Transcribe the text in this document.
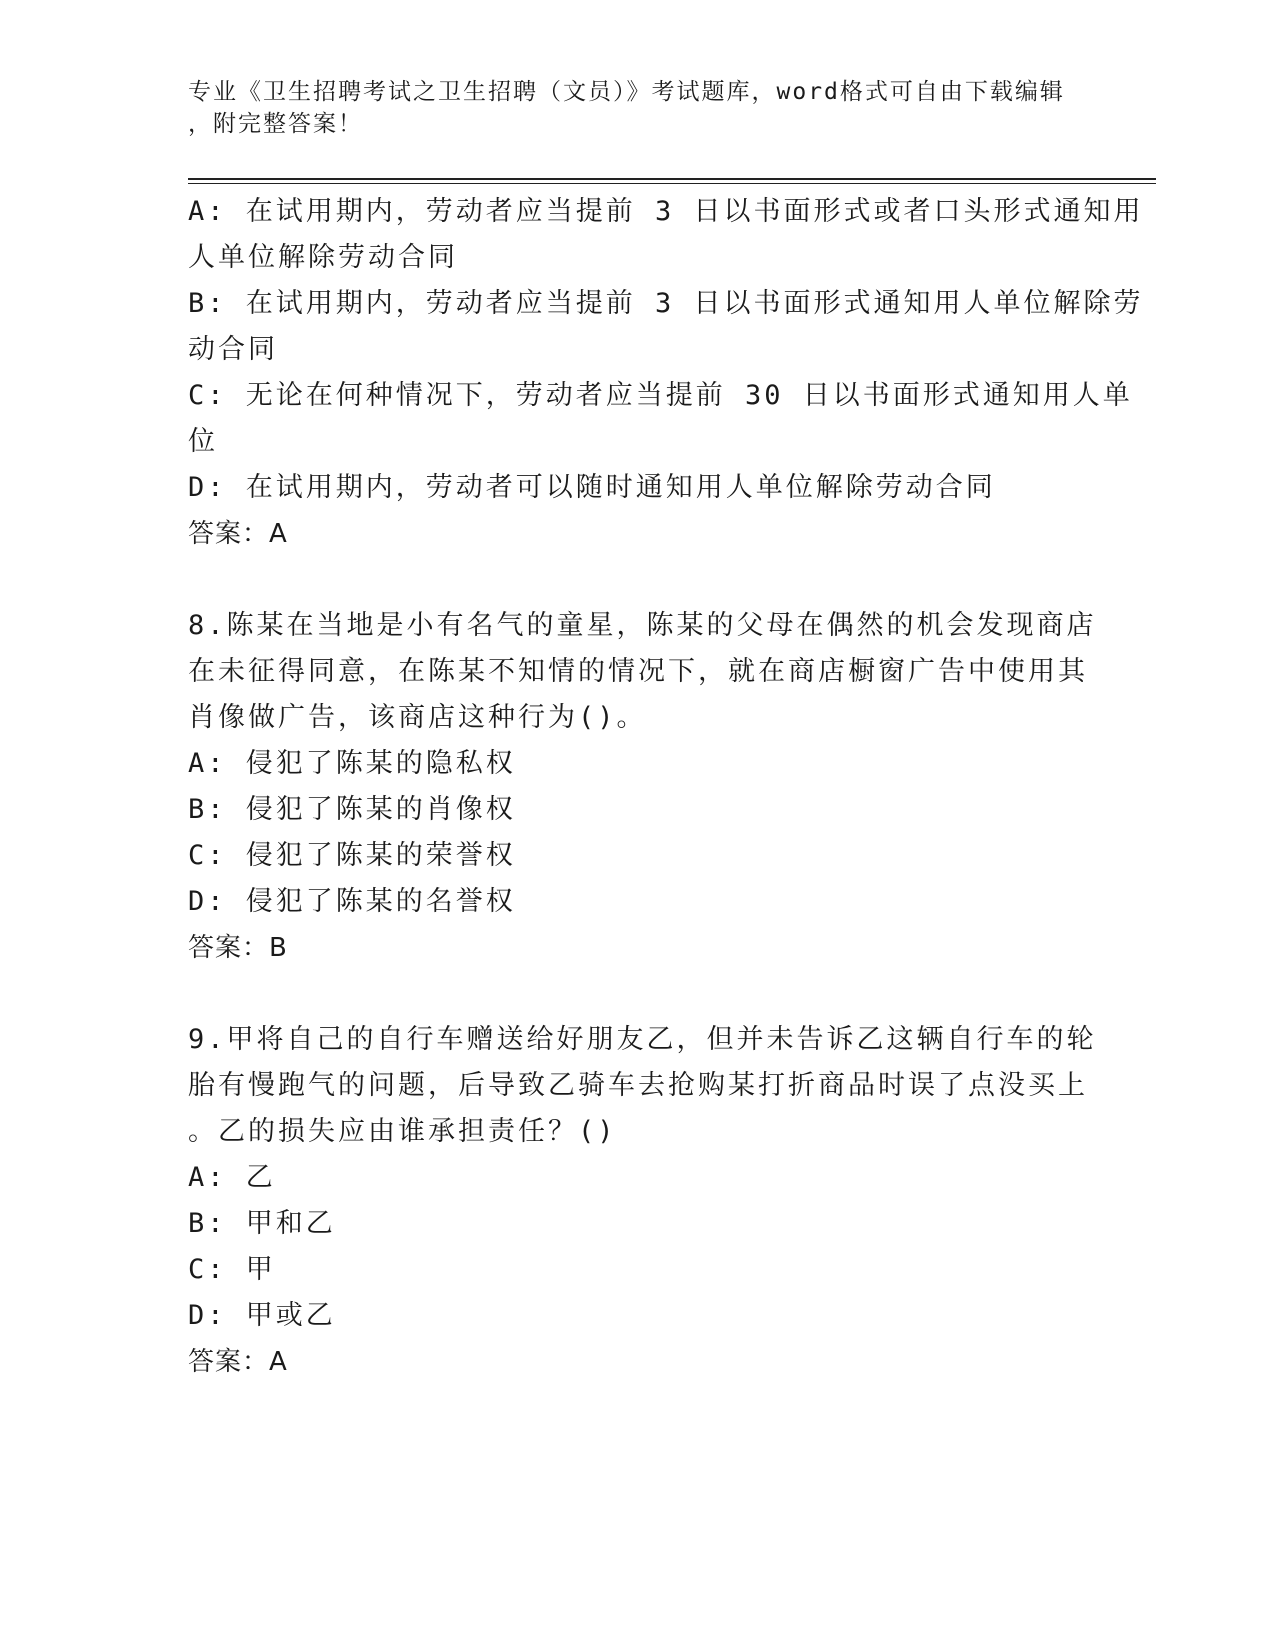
专业《卫生招聘考试之卫生招聘（文员）》考试题库，word格式可自由下载编辑
，附完整答案！
A: 在试用期内，劳动者应当提前 3 日以书面形式或者口头形式通知用
人单位解除劳动合同
B: 在试用期内，劳动者应当提前 3 日以书面形式通知用人单位解除劳
动合同
C: 无论在何种情况下，劳动者应当提前 30 日以书面形式通知用人单
位
D: 在试用期内，劳动者可以随时通知用人单位解除劳动合同
答案：A
8.陈某在当地是小有名气的童星，陈某的父母在偶然的机会发现商店
在未征得同意，在陈某不知情的情况下，就在商店橱窗广告中使用其
肖像做广告，该商店这种行为()。
A: 侵犯了陈某的隐私权
B: 侵犯了陈某的肖像权
C: 侵犯了陈某的荣誉权
D: 侵犯了陈某的名誉权
答案：B
9.甲将自己的自行车赠送给好朋友乙，但并未告诉乙这辆自行车的轮
胎有慢跑气的问题，后导致乙骑车去抢购某打折商品时误了点没买上
。乙的损失应由谁承担责任？()
A: 乙
B: 甲和乙
C: 甲
D: 甲或乙
答案：A
